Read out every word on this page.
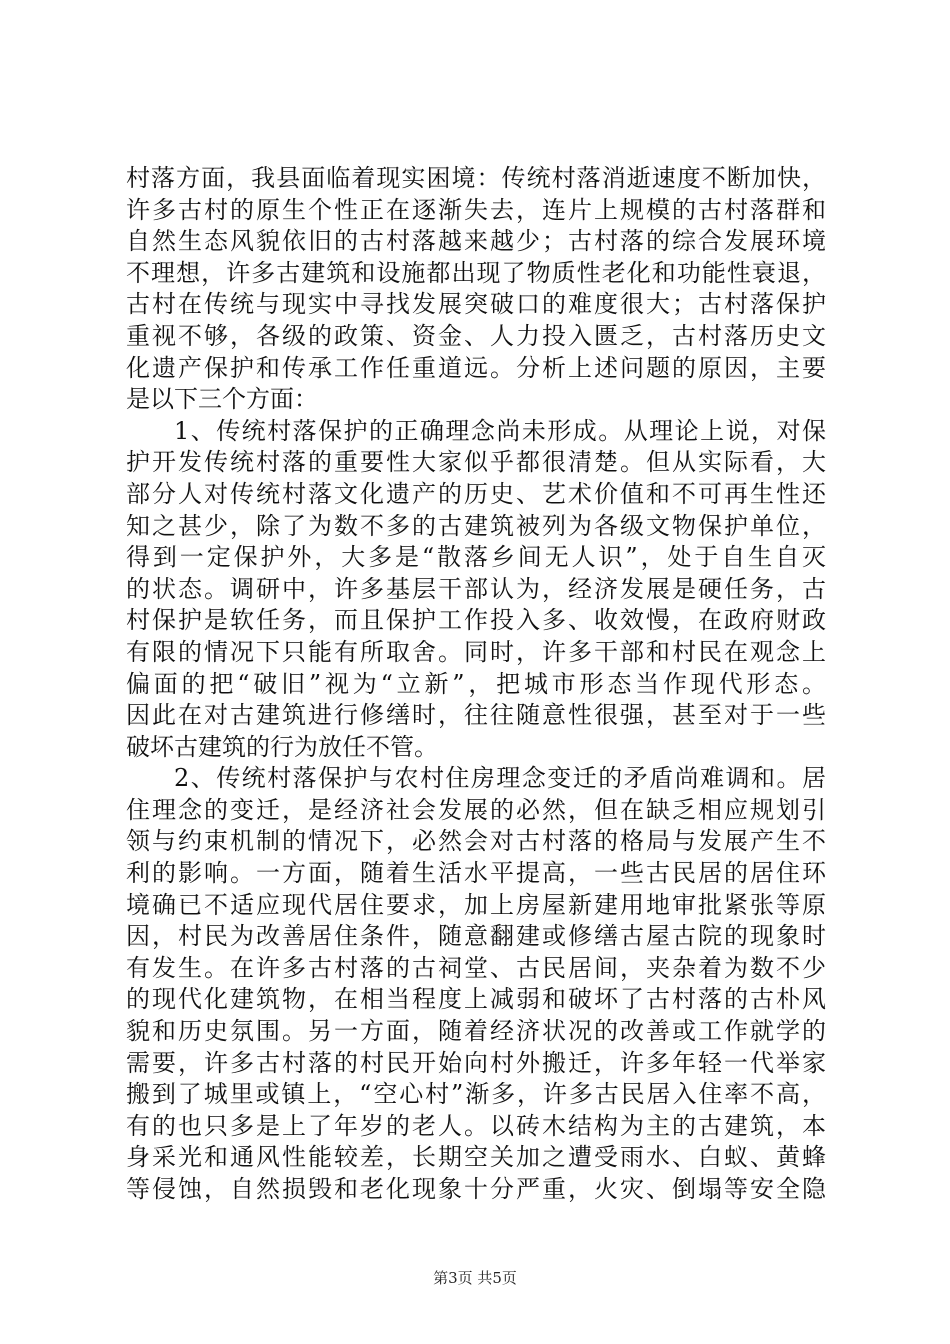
村落方面，我县面临着现实困境：传统村落消逝速度不断加快，
许多古村的原生个性正在逐渐失去，连片上规模的古村落群和
自然生态风貌依旧的古村落越来越少；古村落的综合发展环境
不理想，许多古建筑和设施都出现了物质性老化和功能性衰退，
古村在传统与现实中寻找发展突破口的难度很大；古村落保护
重视不够，各级的政策、资金、人力投入匮乏，古村落历史文
化遗产保护和传承工作任重道远。分析上述问题的原因，主要
是以下三个方面：
1、传统村落保护的正确理念尚未形成。从理论上说，对保
护开发传统村落的重要性大家似乎都很清楚。但从实际看，大
部分人对传统村落文化遗产的历史、艺术价值和不可再生性还
知之甚少，除了为数不多的古建筑被列为各级文物保护单位，
得到一定保护外，大多是“散落乡间无人识”，处于自生自灭
的状态。调研中，许多基层干部认为，经济发展是硬任务，古
村保护是软任务，而且保护工作投入多、收效慢，在政府财政
有限的情况下只能有所取舍。同时，许多干部和村民在观念上
偏面的把“破旧”视为“立新”，把城市形态当作现代形态。
因此在对古建筑进行修缮时，往往随意性很强，甚至对于一些
破坏古建筑的行为放任不管。
2、传统村落保护与农村住房理念变迁的矛盾尚难调和。居
住理念的变迁，是经济社会发展的必然，但在缺乏相应规划引
领与约束机制的情况下，必然会对古村落的格局与发展产生不
利的影响。一方面，随着生活水平提高，一些古民居的居住环
境确已不适应现代居住要求，加上房屋新建用地审批紧张等原
因，村民为改善居住条件，随意翻建或修缮古屋古院的现象时
有发生。在许多古村落的古祠堂、古民居间，夹杂着为数不少
的现代化建筑物，在相当程度上减弱和破坏了古村落的古朴风
貌和历史氛围。另一方面，随着经济状况的改善或工作就学的
需要，许多古村落的村民开始向村外搬迁，许多年轻一代举家
搬到了城里或镇上，“空心村”渐多，许多古民居入住率不高，
有的也只多是上了年岁的老人。以砖木结构为主的古建筑，本
身采光和通风性能较差，长期空关加之遭受雨水、白蚁、黄蜂
等侵蚀，自然损毁和老化现象十分严重，火灾、倒塌等安全隐
第3页 共5页
